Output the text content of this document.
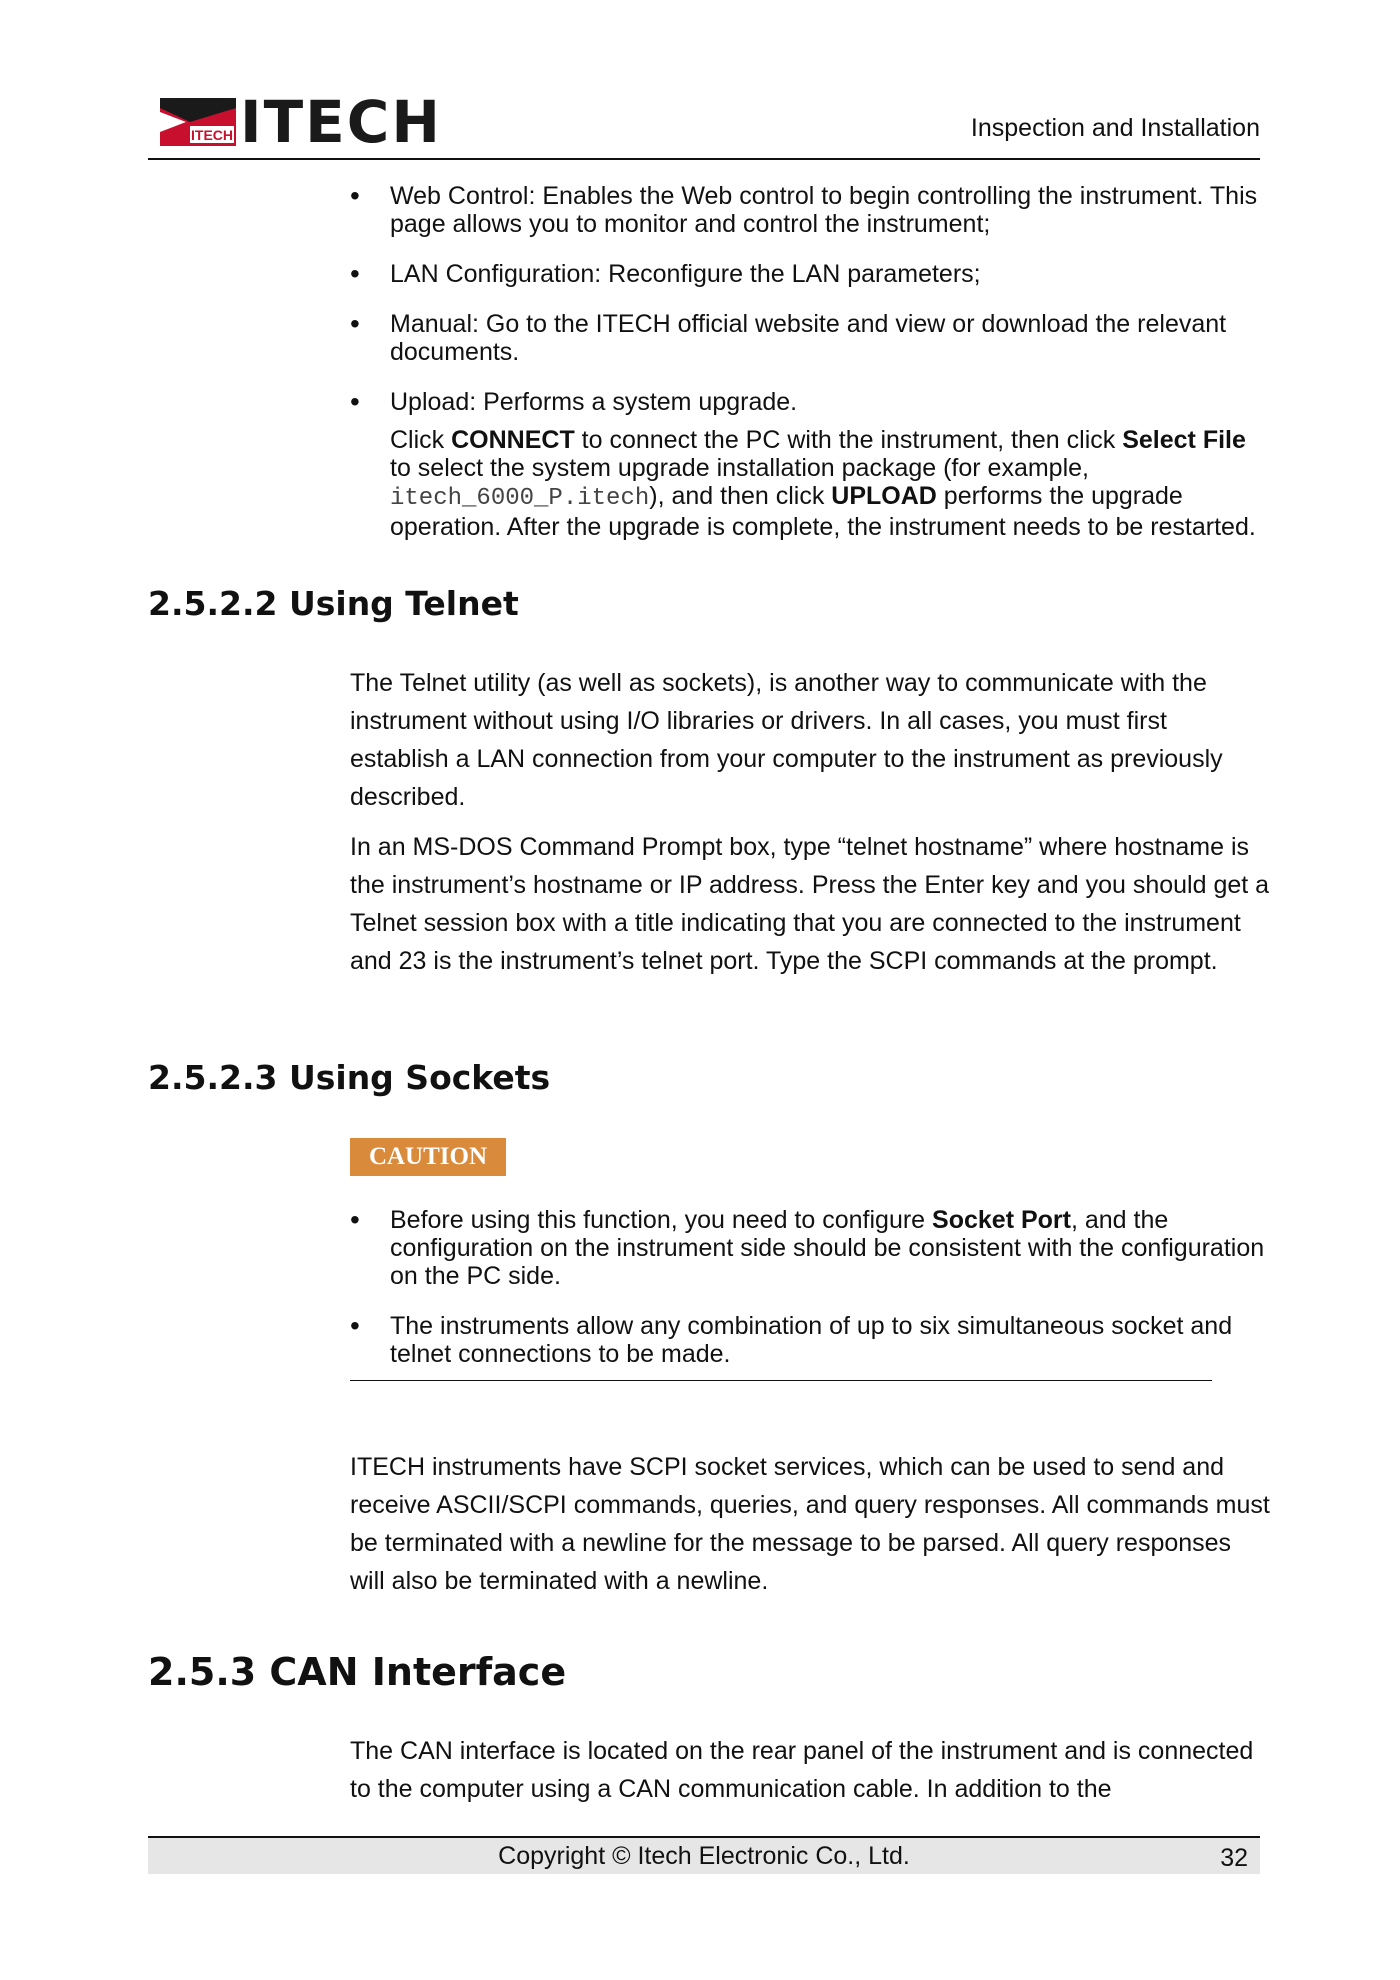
ITECH ITECH	Inspection and Installation
• Web Control: Enables the Web control to begin controlling the instrument. This page allows you to monitor and control the instrument;
• LAN Configuration: Reconfigure the LAN parameters;
• Manual: Go to the ITECH official website and view or download the relevant documents.
• Upload: Performs a system upgrade.
Click CONNECT to connect the PC with the instrument, then click Select File to select the system upgrade installation package (for example, itech_6000_P.itech), and then click UPLOAD performs the upgrade operation. After the upgrade is complete, the instrument needs to be restarted.
2.5.2.2 Using Telnet
The Telnet utility (as well as sockets), is another way to communicate with the instrument without using I/O libraries or drivers. In all cases, you must first establish a LAN connection from your computer to the instrument as previously described.
In an MS-DOS Command Prompt box, type “telnet hostname” where hostname is the instrument’s hostname or IP address. Press the Enter key and you should get a Telnet session box with a title indicating that you are connected to the instrument and 23 is the instrument’s telnet port. Type the SCPI commands at the prompt.
2.5.2.3 Using Sockets
CAUTION
• Before using this function, you need to configure Socket Port, and the configuration on the instrument side should be consistent with the configuration on the PC side.
• The instruments allow any combination of up to six simultaneous socket and telnet connections to be made.
ITECH instruments have SCPI socket services, which can be used to send and receive ASCII/SCPI commands, queries, and query responses. All commands must be terminated with a newline for the message to be parsed. All query responses will also be terminated with a newline.
2.5.3 CAN Interface
The CAN interface is located on the rear panel of the instrument and is connected to the computer using a CAN communication cable. In addition to the
Copyright © Itech Electronic Co., Ltd.	32
